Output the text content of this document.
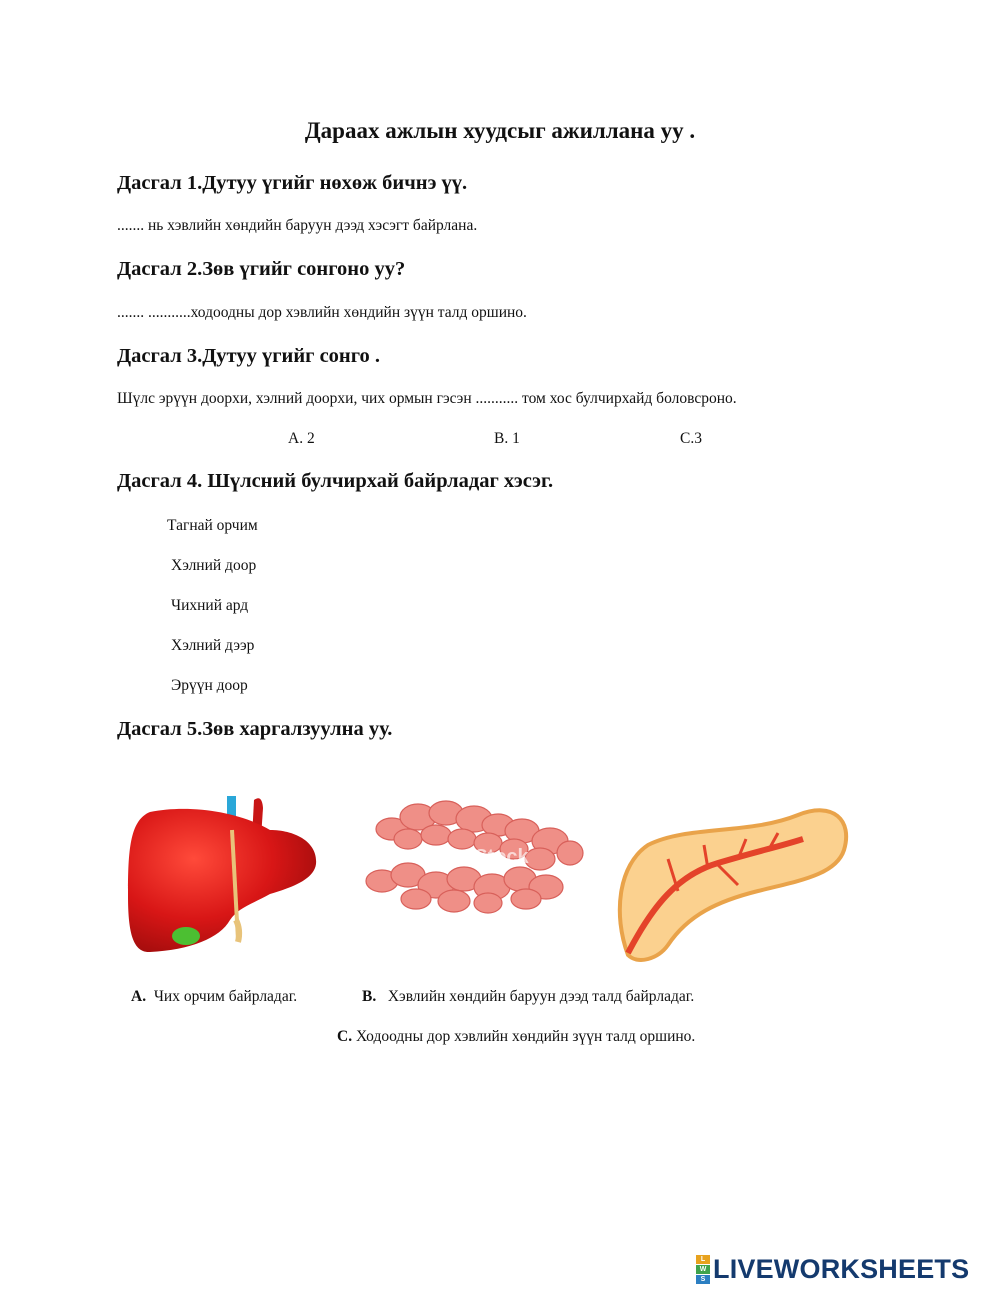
Дараах ажлын хуудсыг ажиллана уу .
Дасгал 1.Дутуу үгийг нөхөж бичнэ үү.
....... нь хэвлийн хөндийн баруун дээд хэсэгт байрлана.
Дасгал 2.Зөв үгийг сонгоно уу?
....... ...........ходоодны дор хэвлийн хөндийн зүүн талд оршино.
Дасгал 3.Дутуу үгийг сонго .
Шүлс эрүүн доорхи, хэлний доорхи, чих ормын гэсэн ........... том хос булчирхайд боловсроно.
А. 2	В. 1	С.3
Дасгал 4. Шүлсний булчирхай байрладаг хэсэг.
Тагнай орчим
Хэлний доор
Чихний ард
Хэлний дээр
Эрүүн доор
Дасгал 5.Зөв харгалзуулна уу.
nStock
A. Чих орчим байрладаг.	B. Хэвлийн хөндийн баруун дээд талд байрладаг.
C. Ходоодны дор хэвлийн хөндийн зүүн талд оршино.
L
W
S LIVEWORKSHEETS
